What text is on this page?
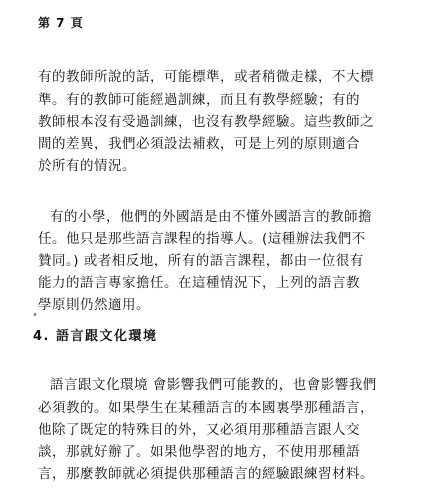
第 7 頁
有的教師所說的話，可能標準，或者稍微走樣，不大標
準。有的教師可能經過訓練，而且有教學經驗；有的
教師根本沒有受過訓練，也沒有教學經驗。這些教師之
間的差異，我們必須設法補救，可是上列的原則適合
於所有的情況。
有的小學，他們的外國語是由不懂外國語言的教師擔
任。他只是那些語言課程的指導人。(這種辦法我們不
贊同。) 或者相反地，所有的語言課程，都由一位很有
能力的語言專家擔任。在這種情況下，上列的語言教
學原則仍然適用。
4. 語言跟文化環境
語言跟文化環境 會影響我們可能教的，也會影響我們
必須教的。如果學生在某種語言的本國裏學那種語言，
他除了既定的特殊目的外，又必須用那種語言跟人交
談，那就好辦了。如果他學習的地方，不使用那種語
言，那麼教師就必須提供那種語言的經驗跟練習材料。
